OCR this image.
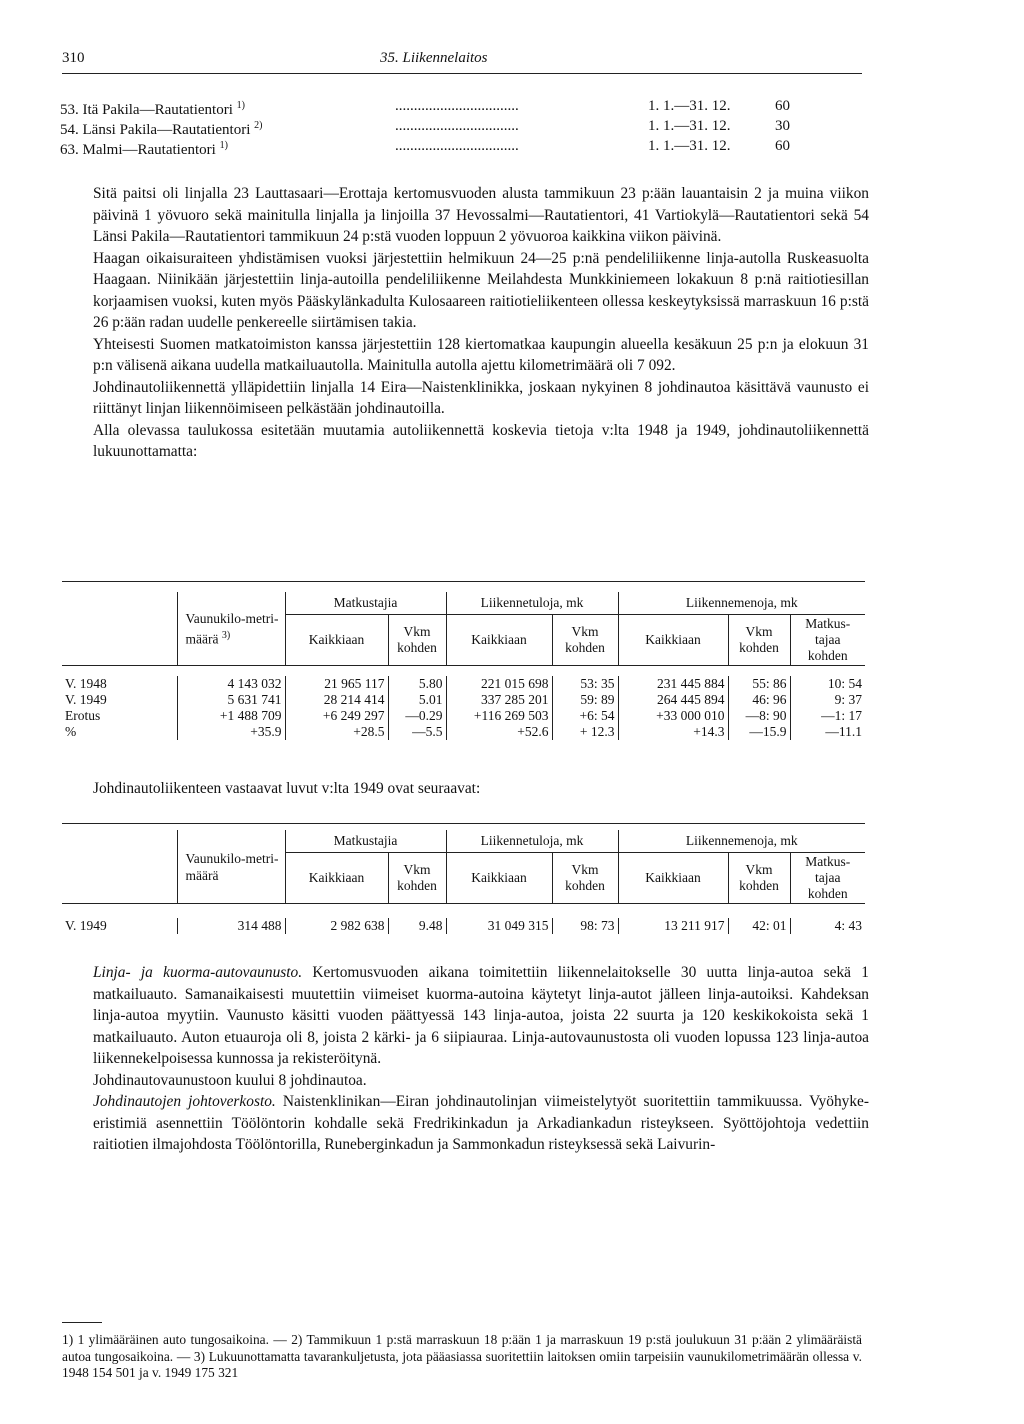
310	35. Liikennelaitos
53. Itä Pakila—Rautatientori $^{1)}$	.................................	1. 1.—31. 12.	60
54. Länsi Pakila—Rautatientori $^{2)}$	.................................	1. 1.—31. 12.	30
63. Malmi—Rautatientori $^{1)}$	.................................	1. 1.—31. 12.	60

Sitä paitsi oli linjalla 23 Lauttasaari—Erottaja kertomusvuoden alusta tammikuun 23 p:ään lauantaisin 2 ja muina viikon päivinä 1 yövuoro sekä mainitulla linjalla ja linjoilla 37 Hevossalmi—Rautatientori, 41 Vartiokylä—Rautatientori sekä 54 Länsi Pakila—Rautatientori tammikuun 24 p:stä vuoden loppuun 2 yövuoroa kaikkina viikon päivinä.

Haagan oikaisuraiteen yhdistämisen vuoksi järjestettiin helmikuun 24—25 p:nä pendeliliikenne linja-autolla Ruskeasuolta Haagaan. Niinikään järjestettiin linja-autoilla pendeliliikenne Meilahdesta Munkkiniemeen lokakuun 8 p:nä raitiotiesillan korjaamisen vuoksi, kuten myös Pääskylänkadulta Kulosaareen raitiotieliikenteen ollessa keskeytyksissä marraskuun 16 p:stä 26 p:ään radan uudelle penkereelle siirtämisen takia.

Yhteisesti Suomen matkatoimiston kanssa järjestettiin 128 kiertomatkaa kaupungin alueella kesäkuun 25 p:n ja elokuun 31 p:n välisenä aikana uudella matkailuautolla. Mainitulla autolla ajettu kilometrimäärä oli 7 092.

Johdinautoliikennettä ylläpidettiin linjalla 14 Eira—Naistenklinikka, joskaan nykyinen 8 johdinautoa käsittävä vaunusto ei riittänyt linjan liikennöimiseen pelkästään johdinautoilla.

Alla olevassa taulukossa esitetään muutamia autoliikennettä koskevia tietoja v:lta 1948 ja 1949, johdinautoliikennettä lukuunottamatta:

	Vaunukilo-metri-määrä $^{3)}$	Matkustajia		Liikennetuloja, mk		Liikennemenoja, mk		
		Kaikkiaan	Vkm kohden	Kaikkiaan	Vkm kohden	Kaikkiaan	Vkm kohden	Matkus-tajaa kohden

V. 1948	4 143 032	21 965 117	5.80	221 015 698	53: 35	231 445 884	55: 86	10: 54
V. 1949	5 631 741	28 214 414	5.01	337 285 201	59: 89	264 445 894	46: 96	9: 37
Erotus	+1 488 709	+6 249 297	—0.29	+116 269 503	+6: 54	+33 000 010	—8: 90	—1: 17
%	+35.9	+28.5	—5.5	+52.6	+ 12.3	+14.3	—15.9	—11.1

Johdinautoliikenteen vastaavat luvut v:lta 1949 ovat seuraavat:

	Vaunukilo-metri-määrä	Matkustajia		Liikennetuloja, mk		Liikennemenoja, mk		
		Kaikkiaan	Vkm kohden	Kaikkiaan	Vkm kohden	Kaikkiaan	Vkm kohden	Matkus-tajaa kohden

V. 1949	314 488	2 982 638	9.48	31 049 315	98: 73	13 211 917	42: 01	4: 43

Linja- ja kuorma-autovaunusto. Kertomusvuoden aikana toimitettiin liikennelaitokselle 30 uutta linja-autoa sekä 1 matkailuauto. Samanaikaisesti muutettiin viimeiset kuorma-autoina käytetyt linja-autot jälleen linja-autoiksi. Kahdeksan linja-autoa myytiin. Vaunusto käsitti vuoden päättyessä 143 linja-autoa, joista 22 suurta ja 120 keskikokoista sekä 1 matkailuauto. Auton etuauroja oli 8, joista 2 kärki- ja 6 siipiauraa. Linja-autovaunustosta oli vuoden lopussa 123 linja-autoa liikennekelpoisessa kunnossa ja rekisteröitynä.

Johdinautovaunustoon kuului 8 johdinautoa.

Johdinautojen johtoverkosto. Naistenklinikan—Eiran johdinautolinjan viimeistelytyöt suoritettiin tammikuussa. Vyöhyke-eristimiä asennettiin Töölöntorin kohdalle sekä Fredrikinkadun ja Arkadiankadun risteykseen. Syöttöjohtoja vedettiin raitiotien ilmajohdosta Töölöntorilla, Runeberginkadun ja Sammonkadun risteyksessä sekä Laivurin-

1) 1 ylimääräinen auto tungosaikoina. — 2) Tammikuun 1 p:stä marraskuun 18 p:ään 1 ja marraskuun 19 p:stä joulukuun 31 p:ään 2 ylimääräistä autoa tungosaikoina. — 3) Lukuunottamatta tavarankuljetusta, jota pääasiassa suoritettiin laitoksen omiin tarpeisiin vaunukilometrimäärän ollessa v. 1948 154 501 ja v. 1949 175 321
